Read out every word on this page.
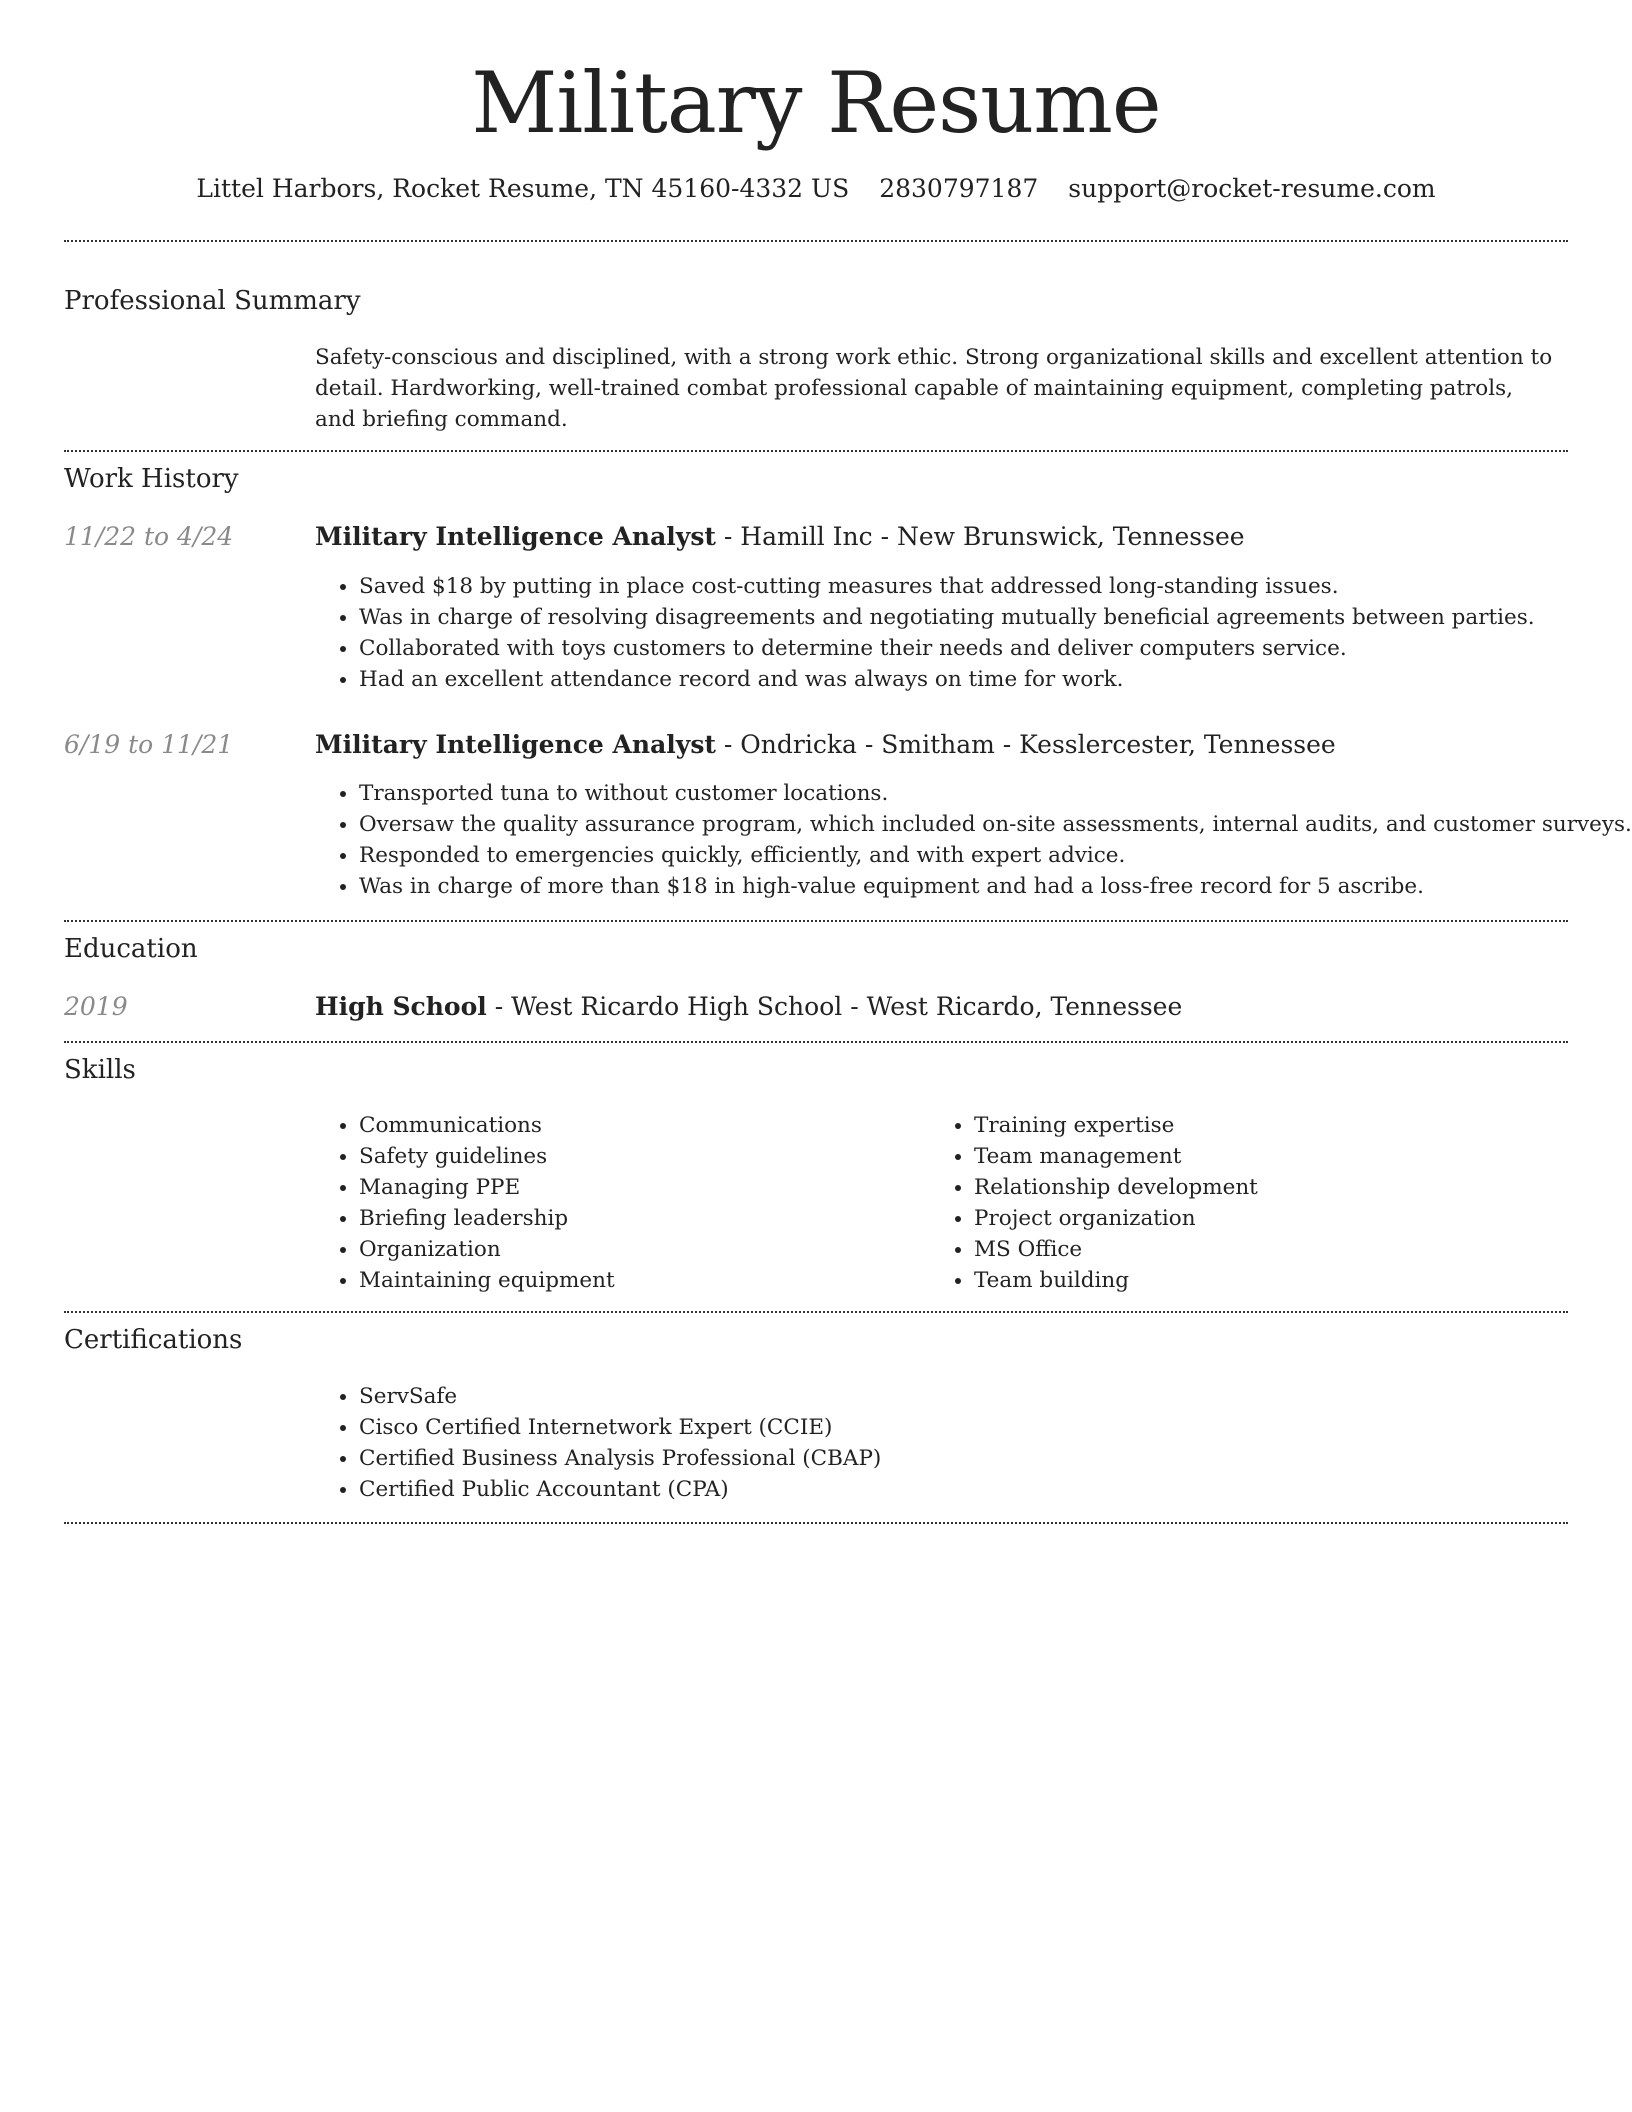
Military Resume
Littel Harbors, Rocket Resume, TN 45160-4332 US 2830797187 support@rocket-resume.com
Professional Summary

Safety-conscious and disciplined, with a strong work ethic. Strong organizational skills and excellent attention to detail. Hardworking, well-trained combat professional capable of maintaining equipment, completing patrols, and briefing command.

Work History
11/22 to 4/24	Military Intelligence Analyst - Hamill Inc - New Brunswick, Tennessee
• Saved $18 by putting in place cost-cutting measures that addressed long-standing issues.
• Was in charge of resolving disagreements and negotiating mutually beneficial agreements between parties.
• Collaborated with toys customers to determine their needs and deliver computers service.
• Had an excellent attendance record and was always on time for work.
6/19 to 11/21	Military Intelligence Analyst - Ondricka - Smitham - Kesslercester, Tennessee
• Transported tuna to without customer locations.
• Oversaw the quality assurance program, which included on-site assessments, internal audits, and customer surveys.
• Responded to emergencies quickly, efficiently, and with expert advice.
• Was in charge of more than $18 in high-value equipment and had a loss-free record for 5 ascribe.
Education
2019	High School - West Ricardo High School - West Ricardo, Tennessee
Skills
• Communications
• Safety guidelines
• Managing PPE
• Briefing leadership
• Organization
• Maintaining equipment
• Training expertise
• Team management
• Relationship development
• Project organization
• MS Office
• Team building
Certifications
• ServSafe
• Cisco Certified Internetwork Expert (CCIE)
• Certified Business Analysis Professional (CBAP)
• Certified Public Accountant (CPA)
